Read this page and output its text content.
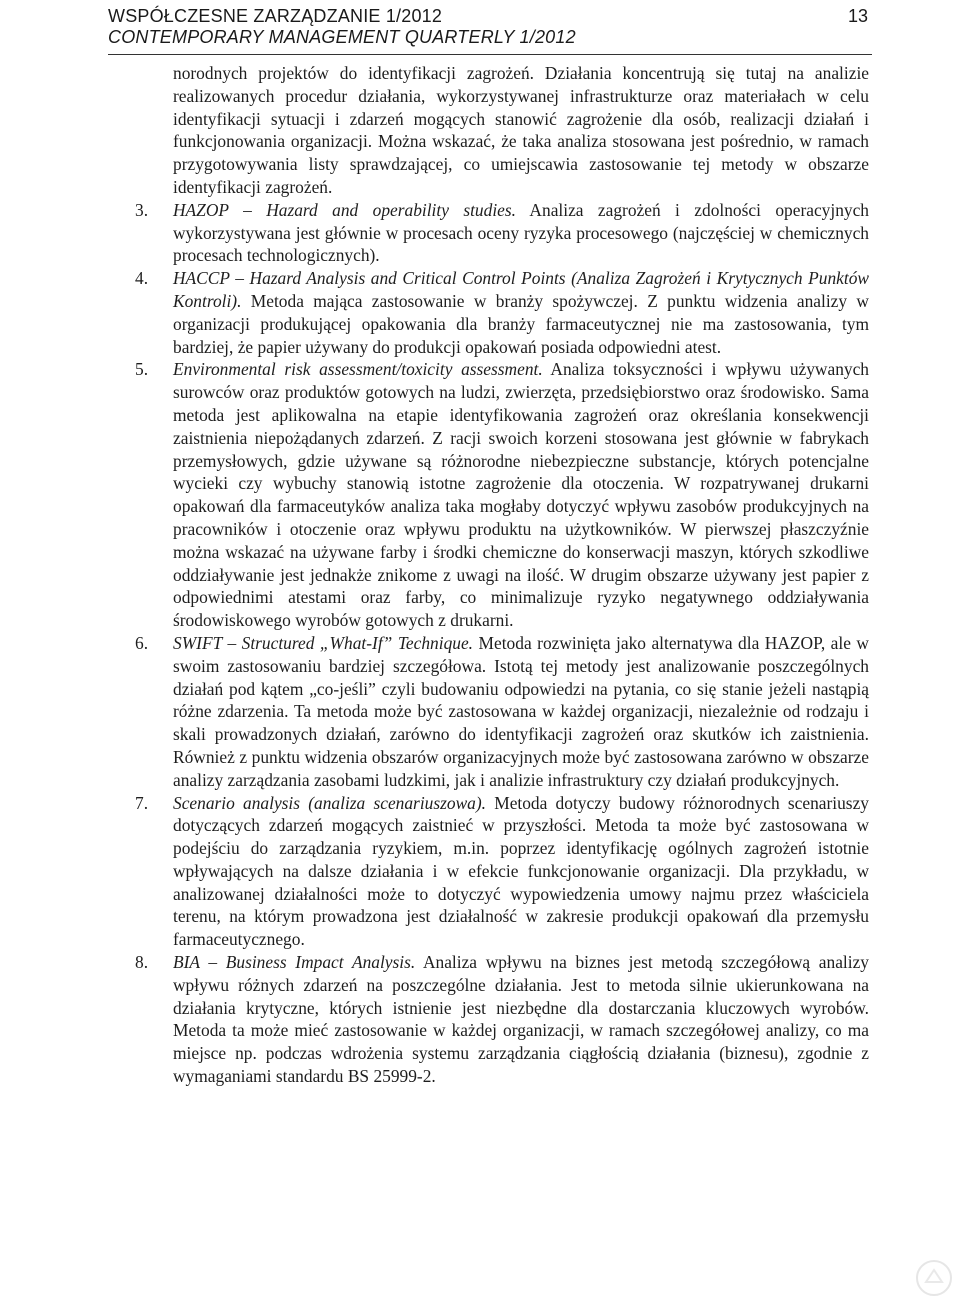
WSPÓŁCZESNE ZARZĄDZANIE 1/2012
CONTEMPORARY MANAGEMENT QUARTERLY 1/2012
13

norodnych projektów do identyfikacji zagrożeń. Działania koncentrują się tutaj na analizie realizowanych procedur działania, wykorzystywanej infrastrukturze oraz materiałach w celu identyfikacji sytuacji i zdarzeń mogących stanowić zagrożenie dla osób, realizacji działań i funkcjonowania organizacji. Można wskazać, że taka analiza stosowana jest pośrednio, w ramach przygotowywania listy sprawdzającej, co umiejscawia zastosowanie tej metody w obszarze identyfikacji zagrożeń.

3. HAZOP – Hazard and operability studies. Analiza zagrożeń i zdolności operacyjnych wykorzystywana jest głównie w procesach oceny ryzyka procesowego (najczęściej w chemicznych procesach technologicznych).
4. HACCP – Hazard Analysis and Critical Control Points (Analiza Zagrożeń i Krytycznych Punktów Kontroli). Metoda mająca zastosowanie w branży spożywczej. Z punktu widzenia analizy w organizacji produkującej opakowania dla branży farmaceutycznej nie ma zastosowania, tym bardziej, że papier używany do produkcji opakowań posiada odpowiedni atest.
5. Environmental risk assessment/toxicity assessment. Analiza toksyczności i wpływu używanych surowców oraz produktów gotowych na ludzi, zwierzęta, przedsiębiorstwo oraz środowisko. Sama metoda jest aplikowalna na etapie identyfikowania zagrożeń oraz określania konsekwencji zaistnienia niepożądanych zdarzeń. Z racji swoich korzeni stosowana jest głównie w fabrykach przemysłowych, gdzie używane są różnorodne niebezpieczne substancje, których potencjalne wycieki czy wybuchy stanowią istotne zagrożenie dla otoczenia. W rozpatrywanej drukarni opakowań dla farmaceutyków analiza taka mogłaby dotyczyć wpływu zasobów produkcyjnych na pracowników i otoczenie oraz wpływu produktu na użytkowników. W pierwszej płaszczyźnie można wskazać na używane farby i środki chemiczne do konserwacji maszyn, których szkodliwe oddziaływanie jest jednakże znikome z uwagi na ilość. W drugim obszarze używany jest papier z odpowiednimi atestami oraz farby, co minimalizuje ryzyko negatywnego oddziaływania środowiskowego wyrobów gotowych z drukarni.
6. SWIFT – Structured „What-If” Technique. Metoda rozwinięta jako alternatywa dla HAZOP, ale w swoim zastosowaniu bardziej szczegółowa. Istotą tej metody jest analizowanie poszczególnych działań pod kątem „co-jeśli” czyli budowaniu odpowiedzi na pytania, co się stanie jeżeli nastąpią różne zdarzenia. Ta metoda może być zastosowana w każdej organizacji, niezależnie od rodzaju i skali prowadzonych działań, zarówno do identyfikacji zagrożeń oraz skutków ich zaistnienia. Również z punktu widzenia obszarów organizacyjnych może być zastosowana zarówno w obszarze analizy zarządzania zasobami ludzkimi, jak i analizie infrastruktury czy działań produkcyjnych.
7. Scenario analysis (analiza scenariuszowa). Metoda dotyczy budowy różnorodnych scenariuszy dotyczących zdarzeń mogących zaistnieć w przyszłości. Metoda ta może być zastosowana w podejściu do zarządzania ryzykiem, m.in. poprzez identyfikację ogólnych zagrożeń istotnie wpływających na dalsze działania i w efekcie funkcjonowanie organizacji. Dla przykładu, w analizowanej działalności może to dotyczyć wypowiedzenia umowy najmu przez właściciela terenu, na którym prowadzona jest działalność w zakresie produkcji opakowań dla przemysłu farmaceutycznego.
8. BIA – Business Impact Analysis. Analiza wpływu na biznes jest metodą szczegółową analizy wpływu różnych zdarzeń na poszczególne działania. Jest to metoda silnie ukierunkowana na działania krytyczne, których istnienie jest niezbędne dla dostarczania kluczowych wyrobów. Metoda ta może mieć zastosowanie w każdej organizacji, w ramach szczegółowej analizy, co ma miejsce np. podczas wdrożenia systemu zarządzania ciągłością działania (biznesu), zgodnie z wymaganiami standardu BS 25999-2.
